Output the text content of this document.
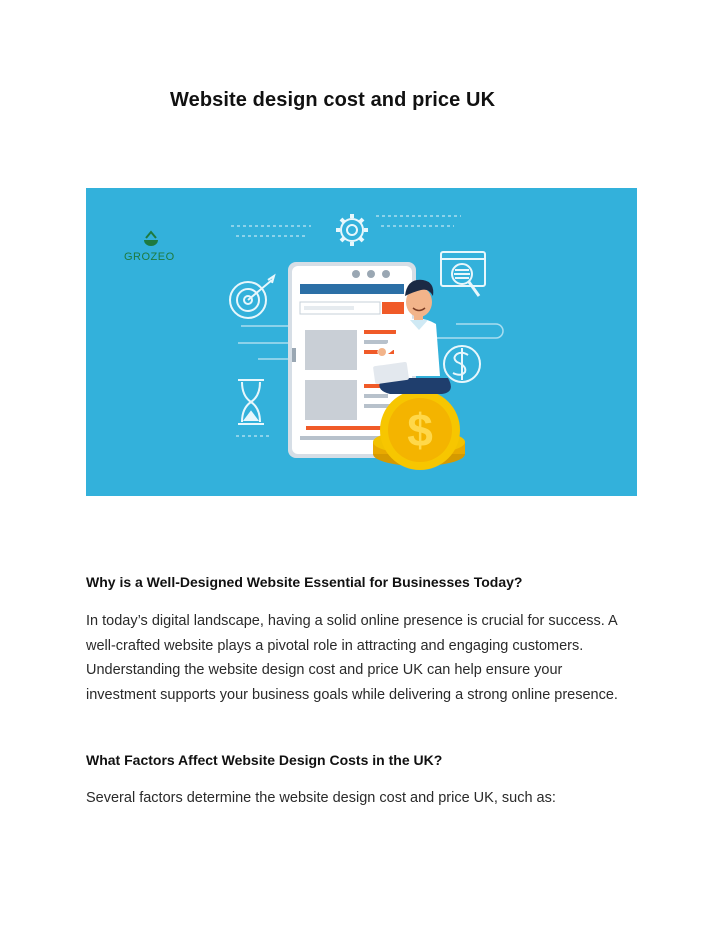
Website design cost and price UK
GROZEO
$
Why is a Well-Designed Website Essential for Businesses Today?

In today’s digital landscape, having a solid online presence is crucial for success. A well-crafted website plays a pivotal role in attracting and engaging customers. Understanding the website design cost and price UK can help ensure your investment supports your business goals while delivering a strong online presence.

What Factors Affect Website Design Costs in the UK?

Several factors determine the website design cost and price UK, such as:
